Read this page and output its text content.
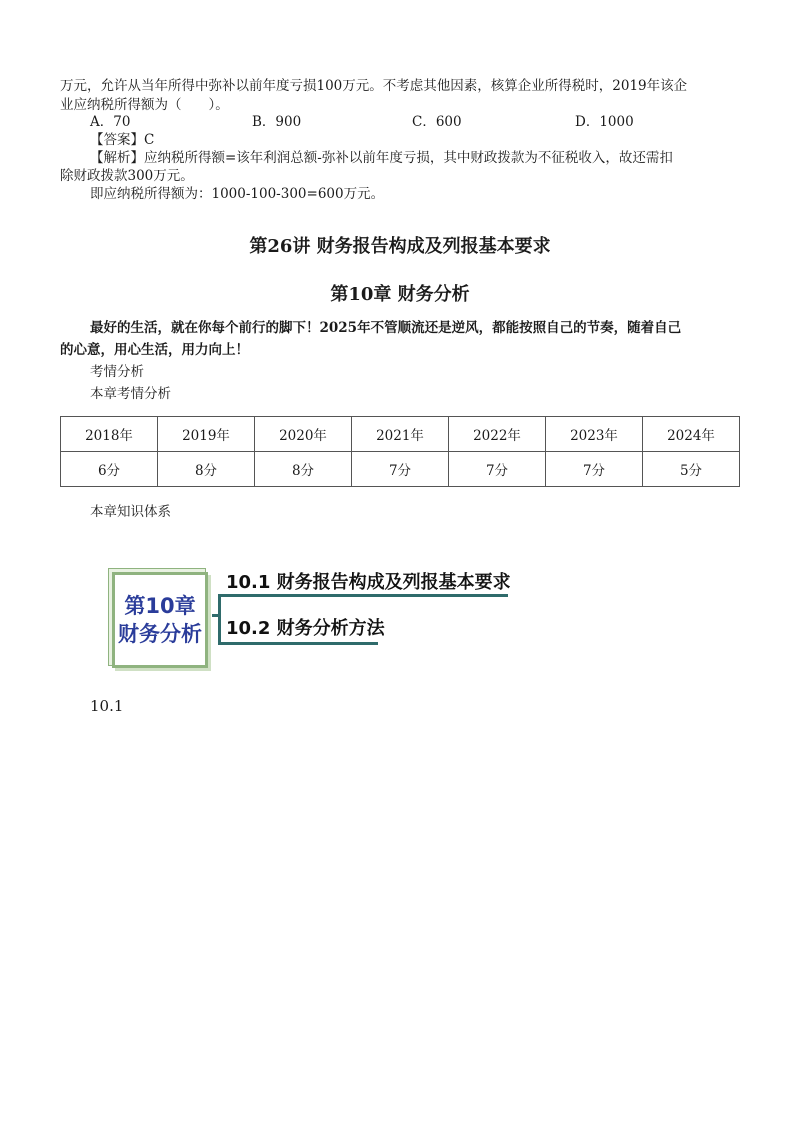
万元，允许从当年所得中弥补以前年度亏损100万元。不考虑其他因素，核算企业所得税时，2019年该企
业应纳税所得额为（　　）。
A．70	B．900	C．600	D．1000
【答案】C
【解析】应纳税所得额=该年利润总额-弥补以前年度亏损，其中财政拨款为不征税收入，故还需扣
除财政拨款300万元。
即应纳税所得额为：1000-100-300=600万元。
第26讲 财务报告构成及列报基本要求
第10章 财务分析
最好的生活，就在你每个前行的脚下！2025年不管顺流还是逆风，都能按照自己的节奏，随着自己
的心意，用心生活，用力向上！
考情分析
本章考情分析
2018年	2019年	2020年	2021年	2022年	2023年	2024年
6分	8分	8分	7分	7分	7分	5分
本章知识体系
第10章
财务分析
10.1 财务报告构成及列报基本要求
10.2 财务分析方法
10.1
